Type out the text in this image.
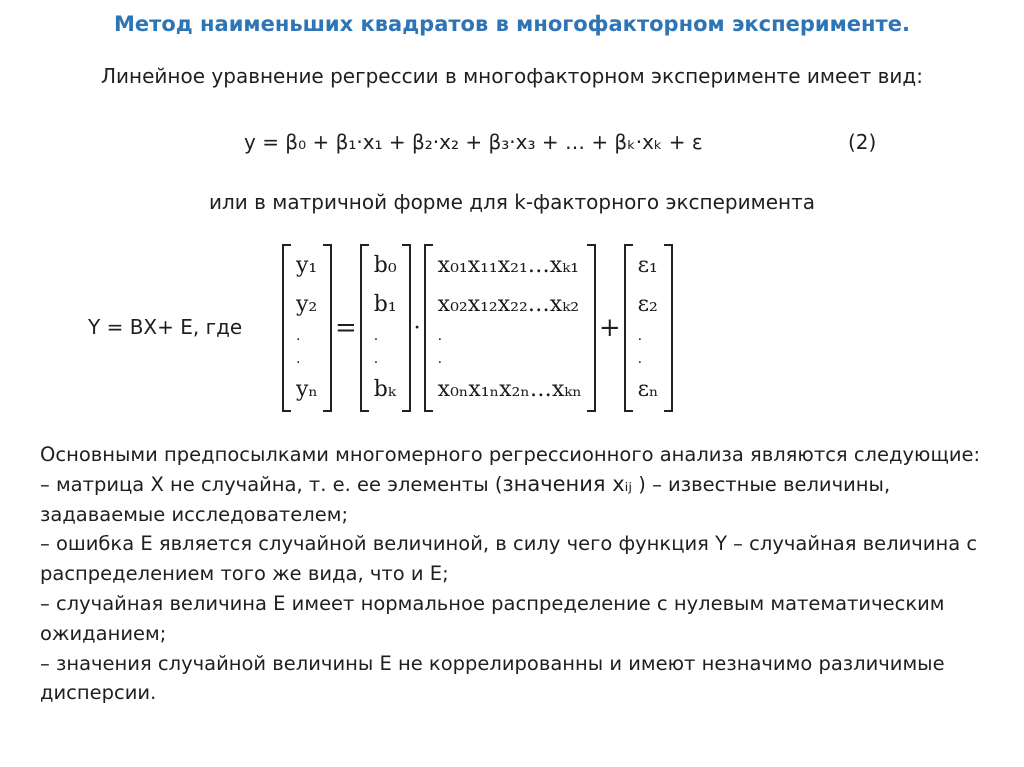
Метод наименьших квадратов в многофакторном эксперименте.
Линейное уравнение регрессии в многофакторном эксперименте имеет вид:
y = β₀ + β₁·x₁ + β₂·x₂ + β₃·x₃ + … + βₖ·xₖ + ε	(2)
или в матричной форме для k-факторного эксперимента
Y = BX+ E, где
y₁
y₂
.
.
yₙ
=
b₀
b₁
.
.
bₖ
·
x₀₁x₁₁x₂₁…xₖ₁
x₀₂x₁₂x₂₂…xₖ₂
.
.
x₀ₙx₁ₙx₂ₙ…xₖₙ
+
ε₁
ε₂
.
.
εₙ

Основными предпосылками многомерного регрессионного анализа являются следующие:

– матрица X не случайна, т. е. ее элементы (значения xᵢⱼ ) – известные величины, задаваемые исследователем;

– ошибка E является случайной величиной, в силу чего функция Y – случайная величина с распределением того же вида, что и E;

– случайная величина E имеет нормальное распределение с нулевым математическим ожиданием;

– значения случайной величины E не коррелированны и имеют незначимо различимые дисперсии.
